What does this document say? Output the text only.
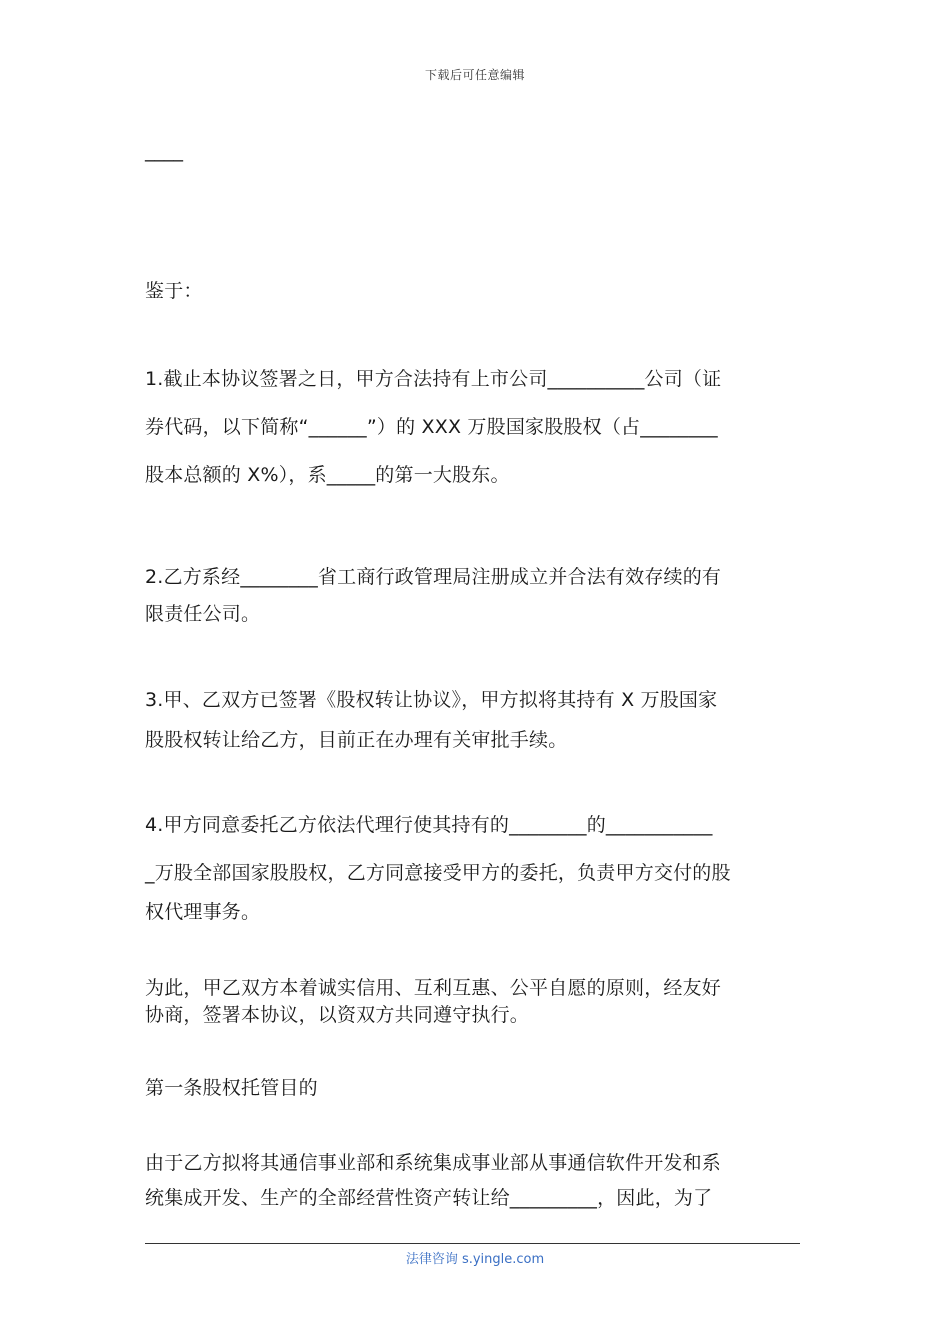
下载后可任意编辑
____
鉴于：
1.截止本协议签署之日，甲方合法持有上市公司__________公司（证
券代码，以下简称“______”）的 XXX 万股国家股股权（占________
股本总额的 X%），系_____的第一大股东。
2.乙方系经________省工商行政管理局注册成立并合法有效存续的有
限责任公司。
3.甲、乙双方已签署《股权转让协议》，甲方拟将其持有 X 万股国家
股股权转让给乙方，目前正在办理有关审批手续。
4.甲方同意委托乙方依法代理行使其持有的________的___________
_万股全部国家股股权，乙方同意接受甲方的委托，负责甲方交付的股
权代理事务。
为此，甲乙双方本着诚实信用、互利互惠、公平自愿的原则，经友好
协商，签署本协议，以资双方共同遵守执行。
第一条股权托管目的
由于乙方拟将其通信事业部和系统集成事业部从事通信软件开发和系
统集成开发、生产的全部经营性资产转让给_________，因此，为了
法律咨询 s.yingle.com
